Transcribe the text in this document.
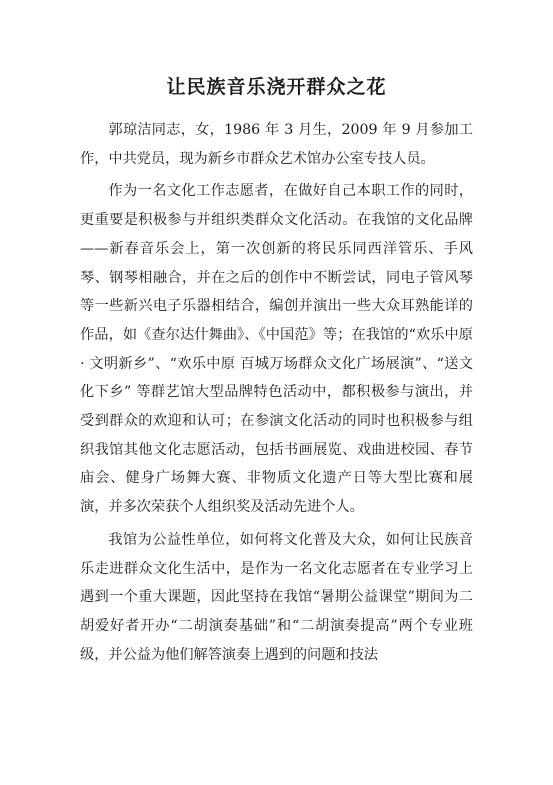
让民族音乐浇开群众之花

郭琼洁同志，女，1986 年 3 月生，2009 年 9 月参加工作，中共党员，现为新乡市群众艺术馆办公室专技人员。

作为一名文化工作志愿者，在做好自己本职工作的同时，更重要是积极参与并组织类群众文化活动。在我馆的文化品牌——新春音乐会上，第一次创新的将民乐同西洋管乐、手风琴、钢琴相融合，并在之后的创作中不断尝试，同电子管风琴等一些新兴电子乐器相结合，编创并演出一些大众耳熟能详的作品，如《查尔达什舞曲》、《中国范》等；在我馆的“欢乐中原 · 文明新乡”、“欢乐中原 百城万场群众文化广场展演”、“送文化下乡” 等群艺馆大型品牌特色活动中，都积极参与演出，并受到群众的欢迎和认可；在参演文化活动的同时也积极参与组织我馆其他文化志愿活动，包括书画展览、戏曲进校园、春节庙会、健身广场舞大赛、非物质文化遗产日等大型比赛和展演，并多次荣获个人组织奖及活动先进个人。

我馆为公益性单位，如何将文化普及大众，如何让民族音乐走进群众文化生活中，是作为一名文化志愿者在专业学习上遇到一个重大课题，因此坚持在我馆“暑期公益课堂”期间为二胡爱好者开办“二胡演奏基础”和“二胡演奏提高”两个专业班级，并公益为他们解答演奏上遇到的问题和技法
